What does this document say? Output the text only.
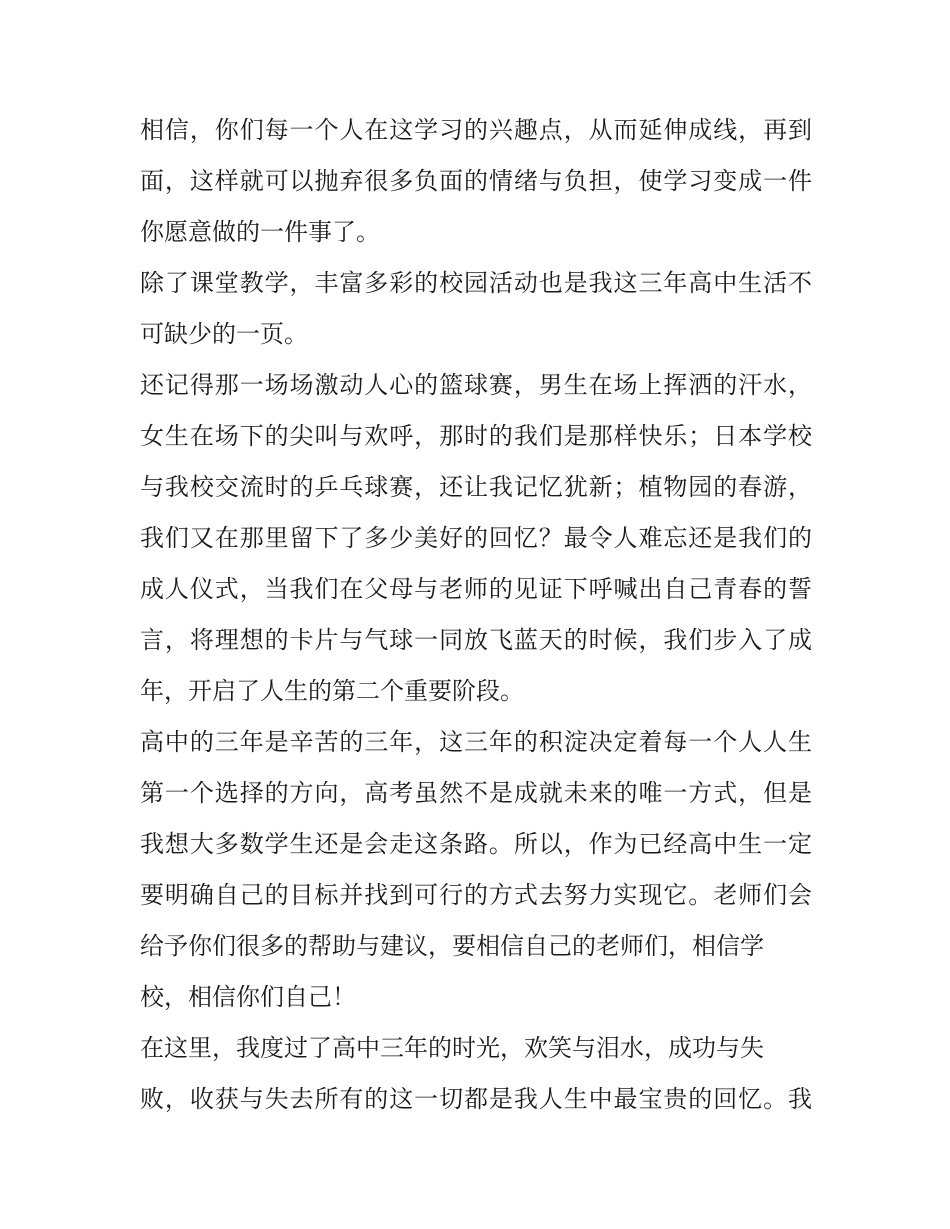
相信，你们每一个人在这学习的兴趣点，从而延伸成线，再到
面，这样就可以抛弃很多负面的情绪与负担，使学习变成一件
你愿意做的一件事了。
除了课堂教学，丰富多彩的校园活动也是我这三年高中生活不
可缺少的一页。
还记得那一场场激动人心的篮球赛，男生在场上挥洒的汗水，
女生在场下的尖叫与欢呼，那时的我们是那样快乐；日本学校
与我校交流时的乒乓球赛，还让我记忆犹新；植物园的春游，
我们又在那里留下了多少美好的回忆？最令人难忘还是我们的
成人仪式，当我们在父母与老师的见证下呼喊出自己青春的誓
言，将理想的卡片与气球一同放飞蓝天的时候，我们步入了成
年，开启了人生的第二个重要阶段。
高中的三年是辛苦的三年，这三年的积淀决定着每一个人人生
第一个选择的方向，高考虽然不是成就未来的唯一方式，但是
我想大多数学生还是会走这条路。所以，作为已经高中生一定
要明确自己的目标并找到可行的方式去努力实现它。老师们会
给予你们很多的帮助与建议，要相信自己的老师们，相信学
校，相信你们自己！
在这里，我度过了高中三年的时光，欢笑与泪水，成功与失
败，收获与失去所有的这一切都是我人生中最宝贵的回忆。我
